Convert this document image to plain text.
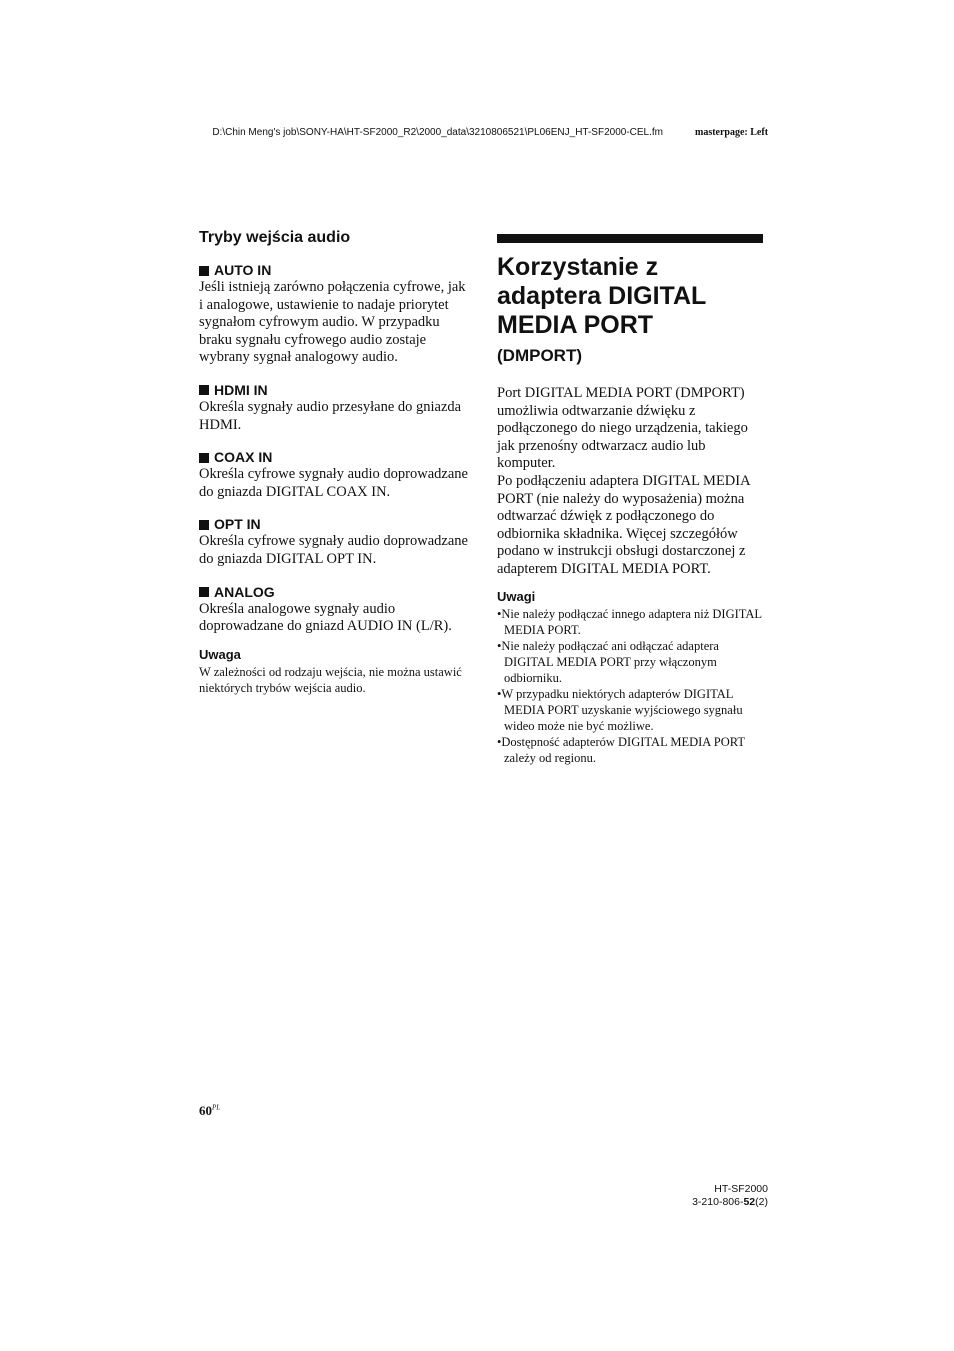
D:\Chin Meng's job\SONY-HA\HT-SF2000_R2\2000_data\3210806521\PL06ENJ_HT-SF2000-CEL.fm	masterpage: Left
Tryby wejścia audio
AUTO IN
Jeśli istnieją zarówno połączenia cyfrowe, jak i analogowe, ustawienie to nadaje priorytet sygnałom cyfrowym audio. W przypadku braku sygnału cyfrowego audio zostaje wybrany sygnał analogowy audio.
HDMI IN
Określa sygnały audio przesyłane do gniazda HDMI.
COAX IN
Określa cyfrowe sygnały audio doprowadzane do gniazda DIGITAL COAX IN.
OPT IN
Określa cyfrowe sygnały audio doprowadzane do gniazda DIGITAL OPT IN.
ANALOG
Określa analogowe sygnały audio doprowadzane do gniazd AUDIO IN (L/R).
Uwaga
W zależności od rodzaju wejścia, nie można ustawić niektórych trybów wejścia audio.
Korzystanie z adaptera DIGITAL MEDIA PORT
(DMPORT)
Port DIGITAL MEDIA PORT (DMPORT) umożliwia odtwarzanie dźwięku z podłączonego do niego urządzenia, takiego jak przenośny odtwarzacz audio lub komputer.
Po podłączeniu adaptera DIGITAL MEDIA PORT (nie należy do wyposażenia) można odtwarzać dźwięk z podłączonego do odbiornika składnika. Więcej szczegółów podano w instrukcji obsługi dostarczonej z adapterem DIGITAL MEDIA PORT.
Uwagi
• Nie należy podłączać innego adaptera niż DIGITAL MEDIA PORT.
• Nie należy podłączać ani odłączać adaptera DIGITAL MEDIA PORT przy włączonym odbiorniku.
• W przypadku niektórych adapterów DIGITAL MEDIA PORT uzyskanie wyjściowego sygnału wideo może nie być możliwe.
• Dostępność adapterów DIGITAL MEDIA PORT zależy od regionu.
$60^{PL}$
HT-SF2000
3-210-806-52(2)
